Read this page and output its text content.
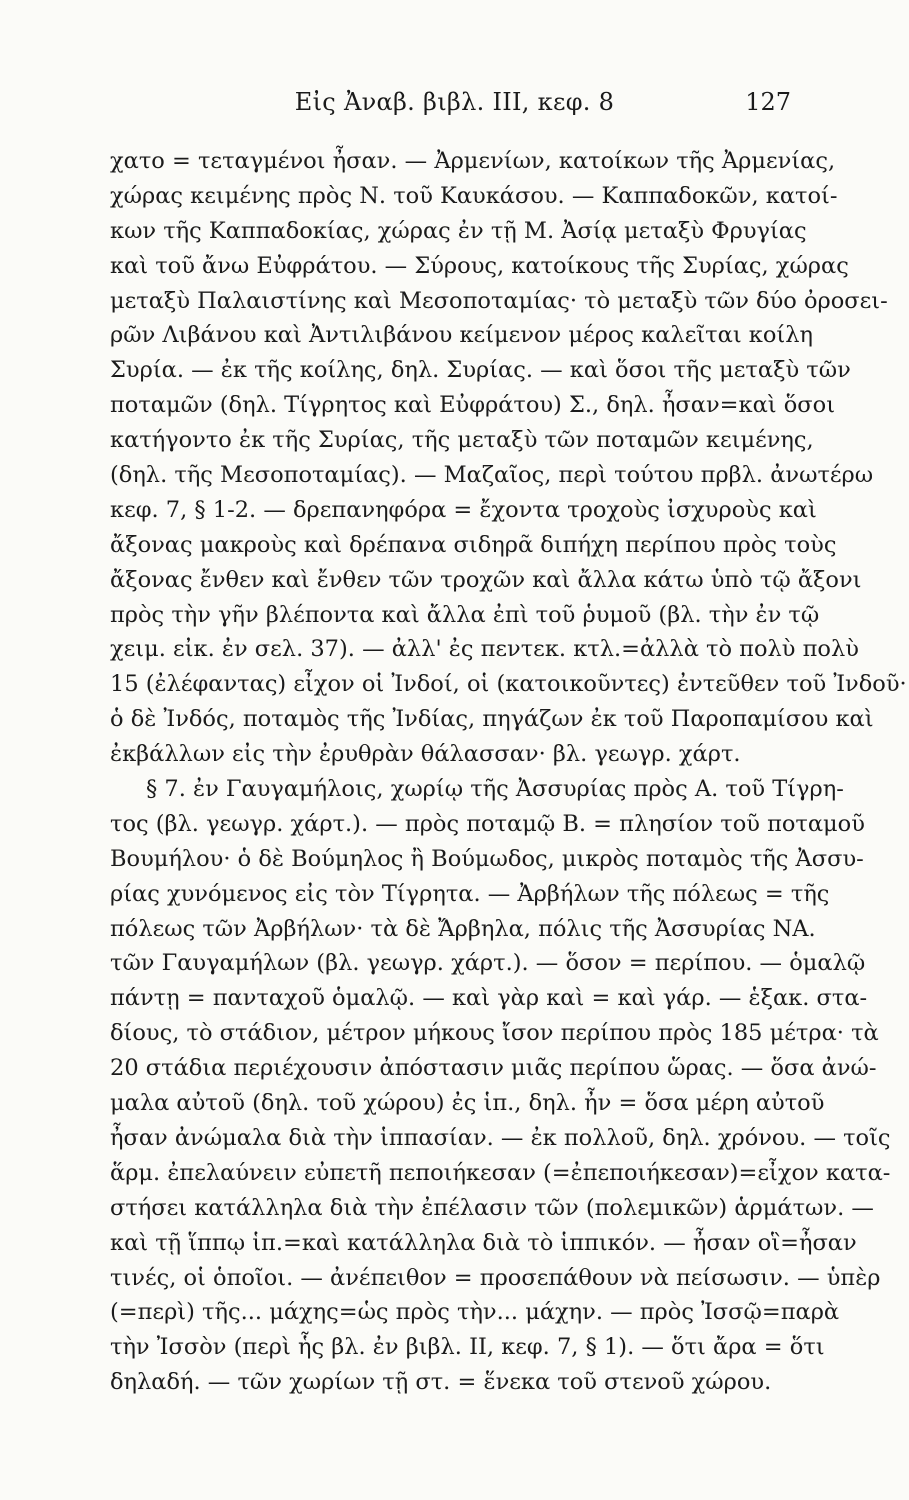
Εἰς Ἀναβ. βιβλ. ΙΙΙ, κεφ. 8	127
χατο = τεταγμένοι ἦσαν. — Ἀρμενίων, κατοίκων τῆς Ἀρμενίας,
χώρας κειμένης πρὸς Ν. τοῦ Καυκάσου. — Καππαδοκῶν, κατοί-
κων τῆς Καππαδοκίας, χώρας ἐν τῇ Μ. Ἀσίᾳ μεταξὺ Φρυγίας
καὶ τοῦ ἄνω Εὐφράτου. — Σύρους, κατοίκους τῆς Συρίας, χώρας
μεταξὺ Παλαιστίνης καὶ Μεσοποταμίας· τὸ μεταξὺ τῶν δύο ὀροσει-
ρῶν Λιβάνου καὶ Ἀντιλιβάνου κείμενον μέρος καλεῖται κοίλη
Συρία. — ἐκ τῆς κοίλης, δηλ. Συρίας. — καὶ ὅσοι τῆς μεταξὺ τῶν
ποταμῶν (δηλ. Τίγρητος καὶ Εὐφράτου) Σ., δηλ. ἦσαν=καὶ ὅσοι
κατήγοντο ἐκ τῆς Συρίας, τῆς μεταξὺ τῶν ποταμῶν κειμένης,
(δηλ. τῆς Μεσοποταμίας). — Μαζαῖος, περὶ τούτου πρβλ. ἀνωτέρω
κεφ. 7, § 1-2. — δρεπανηφόρα = ἔχοντα τροχοὺς ἰσχυροὺς καὶ
ἄξονας μακροὺς καὶ δρέπανα σιδηρᾶ διπήχη περίπου πρὸς τοὺς
ἄξονας ἔνθεν καὶ ἔνθεν τῶν τροχῶν καὶ ἄλλα κάτω ὑπὸ τῷ ἄξονι
πρὸς τὴν γῆν βλέποντα καὶ ἄλλα ἐπὶ τοῦ ῥυμοῦ (βλ. τὴν ἐν τῷ
χειμ. εἰκ. ἐν σελ. 37). — ἀλλ' ἐς πεντεκ. κτλ.=ἀλλὰ τὸ πολὺ πολὺ
15 (ἐλέφαντας) εἶχον οἱ Ἰνδοί, οἱ (κατοικοῦντες) ἐντεῦθεν τοῦ Ἰνδοῦ·
ὁ δὲ Ἰνδός, ποταμὸς τῆς Ἰνδίας, πηγάζων ἐκ τοῦ Παροπαμίσου καὶ
ἐκβάλλων εἰς τὴν ἐρυθρὰν θάλασσαν· βλ. γεωγρ. χάρτ.
§ 7. ἐν Γαυγαμήλοις, χωρίῳ τῆς Ἀσσυρίας πρὸς Α. τοῦ Τίγρη-
τος (βλ. γεωγρ. χάρτ.). — πρὸς ποταμῷ Β. = πλησίον τοῦ ποταμοῦ
Βουμήλου· ὁ δὲ Βούμηλος ἢ Βούμωδος, μικρὸς ποταμὸς τῆς Ἀσσυ-
ρίας χυνόμενος εἰς τὸν Τίγρητα. — Ἀρβήλων τῆς πόλεως = τῆς
πόλεως τῶν Ἀρβήλων· τὰ δὲ Ἄρβηλα, πόλις τῆς Ἀσσυρίας ΝΑ.
τῶν Γαυγαμήλων (βλ. γεωγρ. χάρτ.). — ὅσον = περίπου. — ὁμαλῷ
πάντῃ = πανταχοῦ ὁμαλῷ. — καὶ γὰρ καὶ = καὶ γάρ. — ἑξακ. στα-
δίους, τὸ στάδιον, μέτρον μήκους ἴσον περίπου πρὸς 185 μέτρα· τὰ
20 στάδια περιέχουσιν ἀπόστασιν μιᾶς περίπου ὥρας. — ὅσα ἀνώ-
μαλα αὐτοῦ (δηλ. τοῦ χώρου) ἐς ἱπ., δηλ. ἦν = ὅσα μέρη αὐτοῦ
ἦσαν ἀνώμαλα διὰ τὴν ἱππασίαν. — ἐκ πολλοῦ, δηλ. χρόνου. — τοῖς
ἅρμ. ἐπελαύνειν εὐπετῆ πεποιήκεσαν (=ἐπεποιήκεσαν)=εἶχον κατα-
στήσει κατάλληλα διὰ τὴν ἐπέλασιν τῶν (πολεμικῶν) ἁρμάτων. —
καὶ τῇ ἵππῳ ἱπ.=καὶ κατάλληλα διὰ τὸ ἱππικόν. — ἦσαν οἳ=ἦσαν
τινές, οἱ ὁποῖοι. — ἀνέπειθον = προσεπάθουν νὰ πείσωσιν. — ὑπὲρ
(=περὶ) τῆς... μάχης=ὡς πρὸς τὴν... μάχην. — πρὸς Ἰσσῷ=παρὰ
τὴν Ἰσσὸν (περὶ ἧς βλ. ἐν βιβλ. ΙΙ, κεφ. 7, § 1). — ὅτι ἄρα = ὅτι
δηλαδή. — τῶν χωρίων τῇ στ. = ἕνεκα τοῦ στενοῦ χώρου.
